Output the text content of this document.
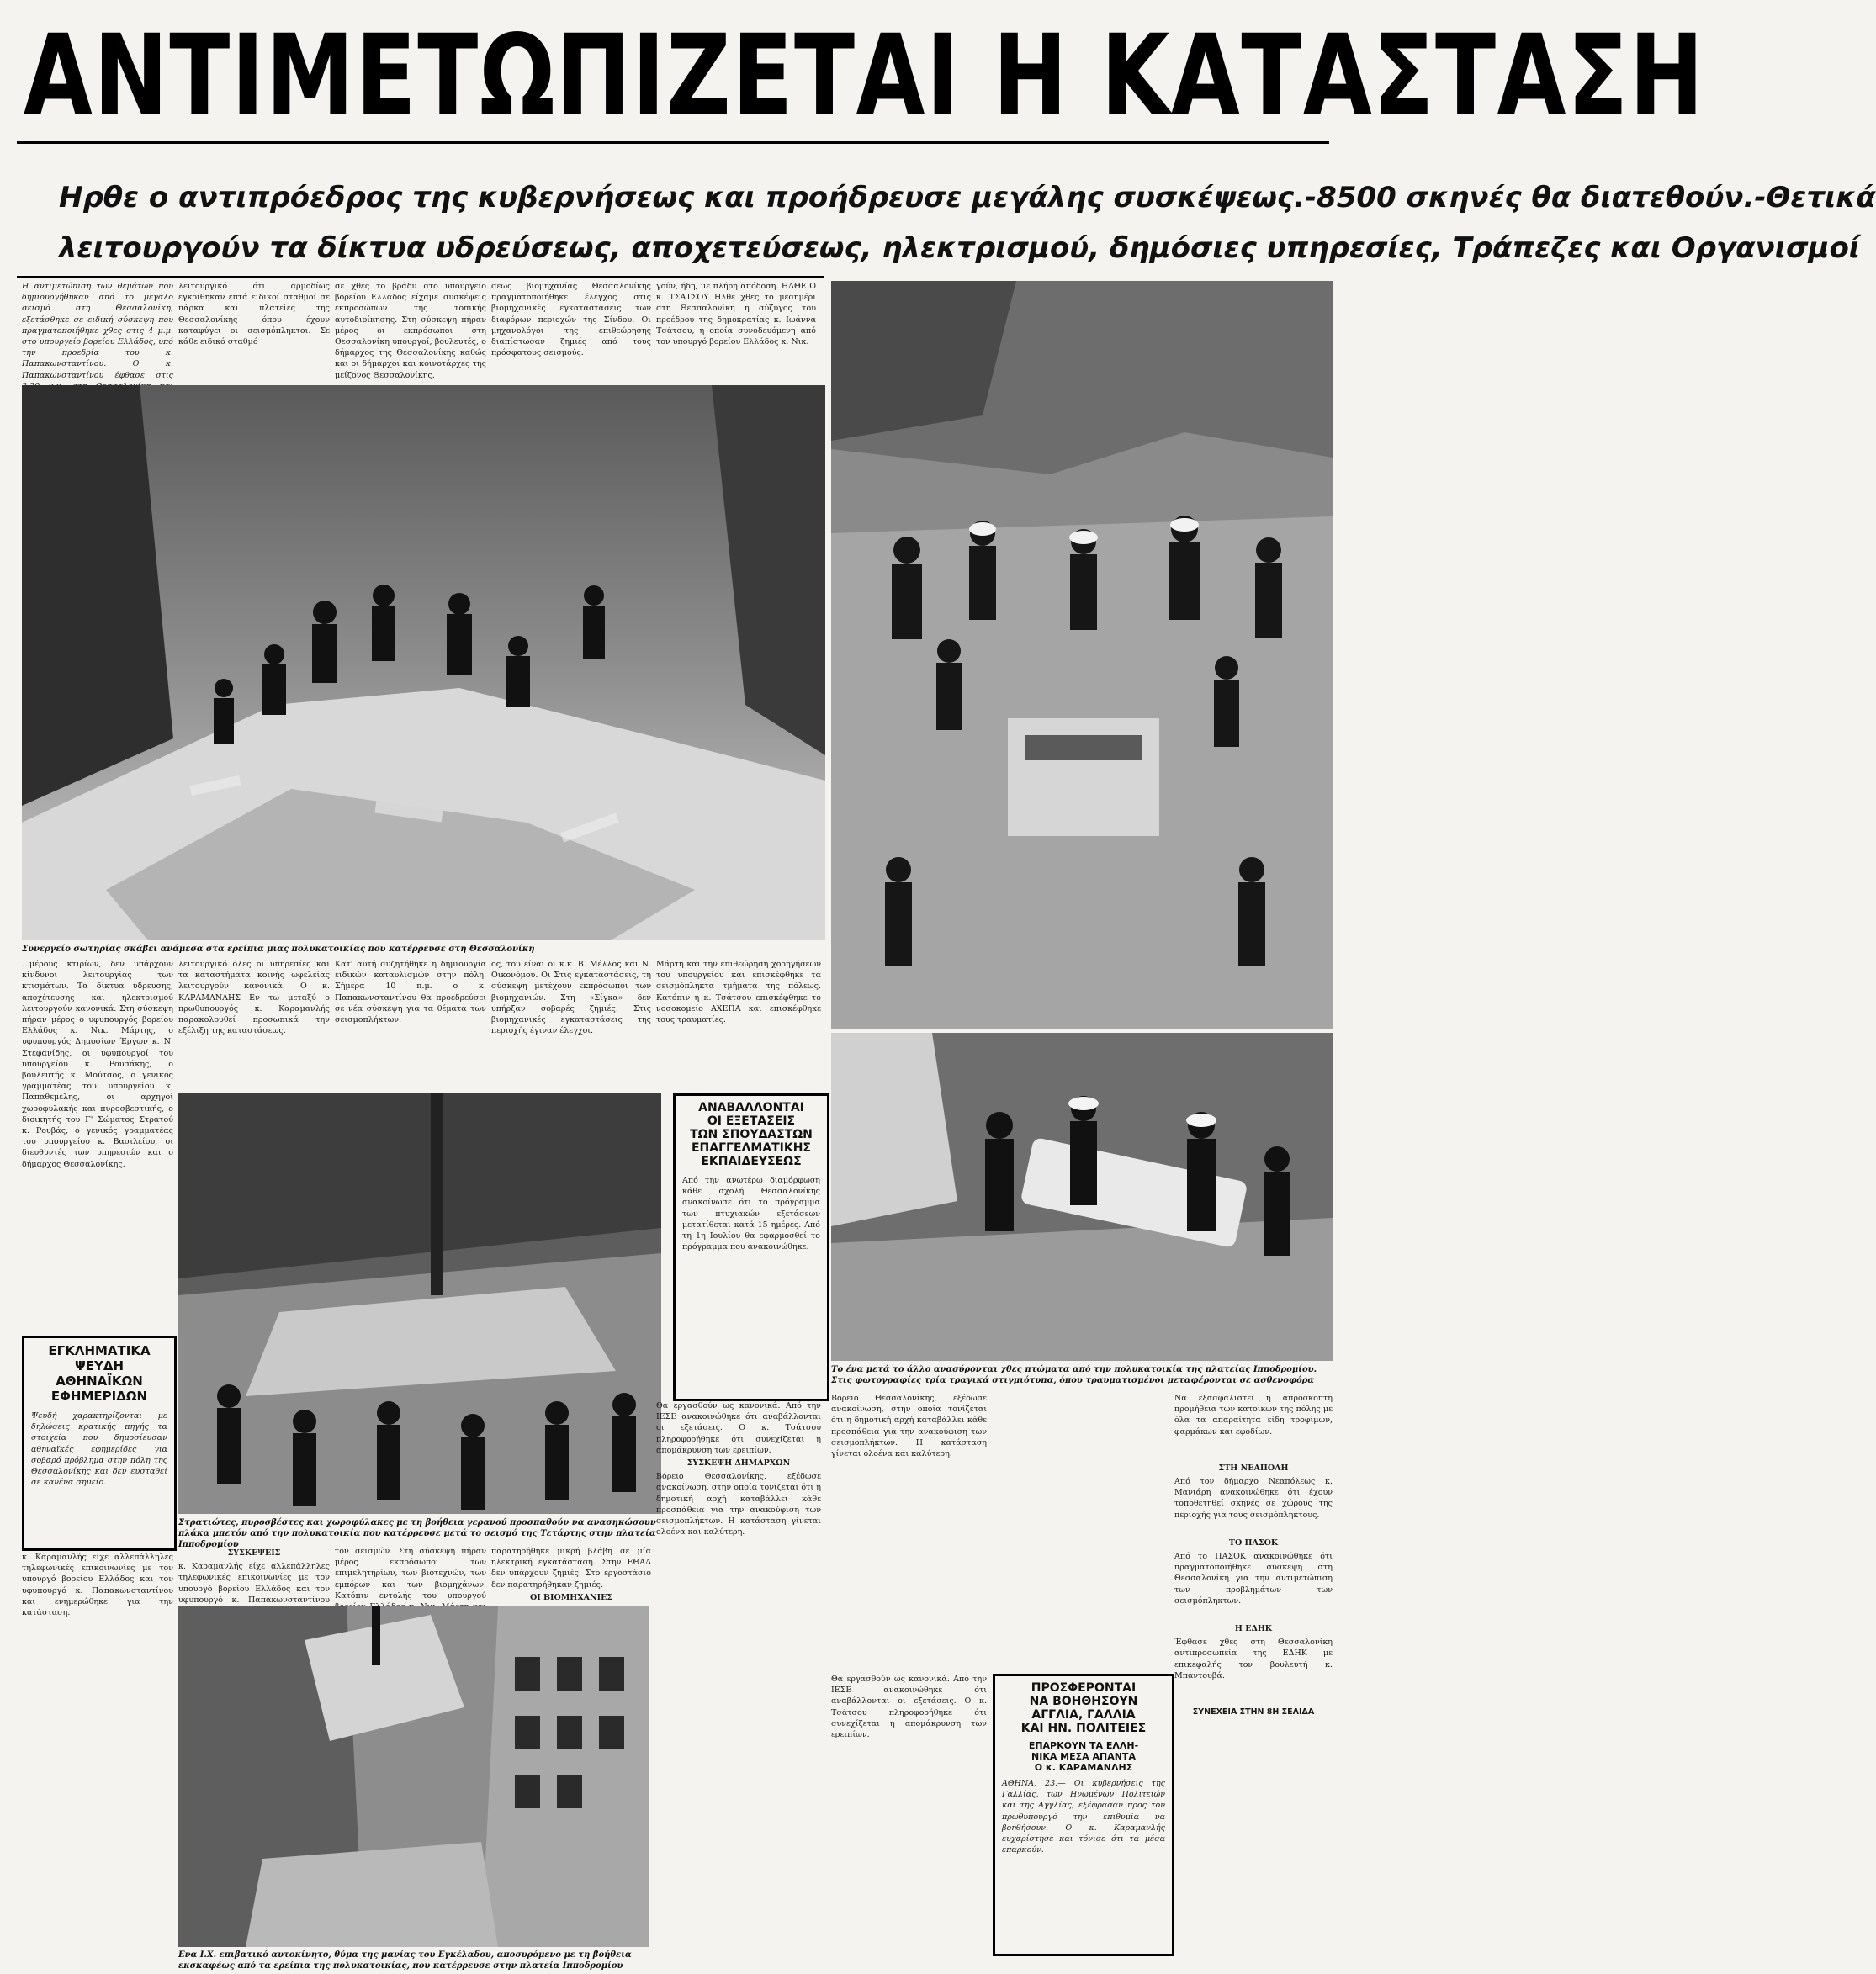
ΑΝΤΙΜΕΤΩΠΙΖΕΤΑΙ Η ΚΑΤΑΣΤΑΣΗ
Ηρθε ο αντιπρόεδρος της κυβερνήσεως και προήδρευσε μεγάλης συσκέψεως.-8500 σκηνές θα διατεθούν.-Θετικά
λειτουργούν τα δίκτυα υδρεύσεως, αποχετεύσεως, ηλεκτρισμού, δημόσιες υπηρεσίες, Τράπεζες και Οργανισμοί
Η αντιμετώπιση των θεμάτων που δημιουργήθηκαν από το μεγάλο σεισμό στη Θεσσαλονίκη, εξετάσθηκε σε ειδική σύσκεψη που πραγματοποιήθηκε χθες στις 4 μ.μ. στο υπουργείο βορείου Ελλάδος, υπό την προεδρία του κ. Παπακωνσταντίνου. Ο κ. Παπακωνσταντίνου έφθασε στις
λειτουργικό ότι αρμοδίως εγκρίθηκαν επτά ειδικοί σταθμοί σε πάρκα και πλατείες της Θεσσαλονίκης όπου έχουν καταφύγει οι σεισμόπληκτοι. Σε κάθε ειδικό σταθμό
σε χθες το βράδυ στο υπουργείο βορείου Ελλάδος είχαμε συσκέψεις εκπροσώπων της τοπικής αυτοδιοίκησης. Στη σύσκεψη πήραν μέρος οι εκπρόσωποι στη Θεσσαλονίκη υπουργοί, βουλευτές, ο δήμαρχος της Θεσσαλονίκης καθώς και οι δήμαρχοι και κοινοτάρχες της μείζονος Θεσσαλονίκης.
σεως βιομηχανίας Θεσσαλονίκης πραγματοποιήθηκε έλεγχος στις βιομηχανικές εγκαταστάσεις των διαφόρων περιοχών της Σίνδου. Οι μηχανολόγοι της επιθεώρησης διαπίστωσαν ζημιές από τους πρόσφατους σεισμούς.
γούν, ήδη, με πλήρη απόδοση. ΗΛΘΕ Ο κ. ΤΣΑΤΣΟΥ Ηλθε χθες το μεσημέρι στη Θεσσαλονίκη η σύζυγος του προέδρου της δημοκρατίας κ. Ιωάννα Τσάτσου, η οποία συνοδευόμενη από τον υπουργό βορείου Ελλάδος κ. Νικ.
Συνεργείο σωτηρίας σκάβει ανάμεσα στα ερείπια μιας πολυκατοικίας που κατέρρευσε στη Θεσσαλονίκη
Το ένα μετά το άλλο ανασύρονται χθες πτώματα από την πολυκατοικία της πλατείας Ιπποδρομίου. Στις φωτογραφίες τρία τραγικά στιγμιότυπα, όπου τραυματισμένοι μεταφέρονται σε ασθενοφόρα
...μέρους κτιρίων, δεν υπάρχουν κίνδυνοι λειτουργίας των κτισμάτων. Τα δίκτυα ύδρευσης, αποχέτευσης και ηλεκτρισμού λειτουργούν κανονικά. Στη σύσκεψη πήραν μέρος ο υφυπουργός βορείου Ελλάδος κ. Νικ. Μάρτης, ο υφυπουργός Δημοσίων Έργων κ. Ν. Στεφανίδης, οι υφυπουργοί του υπουργείου κ. Ρουσάκης, ο βουλευτής κ. Μούτσος, ο γενικός γραμματέας του υπουργείου κ. Παπαθεμέλης, οι αρχηγοί χωροφυλακής και πυροσβεστικής, ο διοικητής του Γ' Σώματος Στρατού κ. Ρουβάς, ο γενικός γραμματέας του υπουργείου κ. Βασιλείου, οι διευθυντές των υπηρεσιών και ο δήμαρχος Θεσσαλονίκης.
λειτουργικό όλες οι υπηρεσίες και τα καταστήματα κοινής ωφελείας λειτουργούν κανονικά. Ο κ. ΚΑΡΑΜΑΝΛΗΣ Εν τω μεταξύ ο πρωθυπουργός κ. Καραμανλής παρακολουθεί προσωπικά την εξέλιξη της καταστάσεως.
Κατ' αυτή συζητήθηκε η δημιουργία ειδικών καταυλισμών στην πόλη. Σήμερα 10 π.μ. ο κ. Παπακωνσταντίνου θα προεδρεύσει σε νέα σύσκεψη για τα θέματα των σεισμοπλήκτων.
ος, του είναι οι κ.κ. Β. Μέλλος και Ν. Οικονόμου. Οι Στις εγκαταστάσεις, τη σύσκεψη μετέχουν εκπρόσωποι των βιομηχανιών. Στη «Σίγκα» δεν υπήρξαν σοβαρές ζημιές. Στις βιομηχανικές εγκαταστάσεις της περιοχής έγιναν έλεγχοι.
Μάρτη και την επιθεώρηση χορηγήσεων του υπουργείου και επισκέφθηκε τα σεισμόπληκτα τμήματα της πόλεως. Κατόπιν η κ. Τσάτσου επισκέφθηκε το νοσοκομείο ΑΧΕΠΑ και επισκέφθηκε τους τραυματίες.
Στρατιώτες, πυροσβέστες και χωροφύλακες με τη βοήθεια γερανού προσπαθούν να ανασηκώσουν πλάκα μπετόν από την πολυκατοικία που κατέρρευσε μετά το σεισμό της Τετάρτης στην πλατεία Ιπποδρομίου
ΕΓΚΛΗΜΑΤΙΚΑ
ΨΕΥΔΗ
ΑΘΗΝΑΪΚΩΝ
ΕΦΗΜΕΡΙΔΩΝ
Ψευδή χαρακτηρίζονται με δηλώσεις κρατικής πηγής τα στοιχεία που δημοσίευσαν αθηναϊκές εφημερίδες για σοβαρό πρόβλημα στην πόλη της Θεσσαλονίκης και δεν ευσταθεί σε κανένα σημείο.
ΑΝΑΒΑΛΛΟΝΤΑΙ
ΟΙ ΕΞΕΤΑΣΕΙΣ
ΤΩΝ ΣΠΟΥΔΑΣΤΩΝ
ΕΠΑΓΓΕΛΜΑΤΙΚΗΣ
ΕΚΠΑΙΔΕΥΣΕΩΣ
Από την ανωτέρω διαμόρφωση κάθε σχολή Θεσσαλονίκης ανακοίνωσε ότι το πρόγραμμα των πτυχιακών εξετάσεων μετατίθεται κατά 15 ημέρες. Από τη 1η Ιουλίου θα εφαρμοσθεί το πρόγραμμα που ανακοινώθηκε.
κ. Καραμανλής είχε αλλεπάλληλες τηλεφωνικές επικοινωνίες με τον υπουργό βορείου Ελλάδος και τον υφυπουργό κ. Παπακωνσταντίνου και ενημερώθηκε για την κατάσταση.
ΣΥΣΚΕΨΕΙΣ
κ. Καραμανλής είχε αλλεπάλληλες τηλεφωνικές επικοινωνίες με τον υπουργό βορείου Ελλάδος και τον υφυπουργό κ. Παπακωνσταντίνου
τον σεισμών. Στη σύσκεψη πήραν μέρος εκπρόσωποι των επιμελητηρίων, των βιοτεχνών, των εμπόρων και των βιομηχάνων. Κατόπιν εντολής του υπουργού
παρατηρήθηκε μικρή βλάβη σε μία ηλεκτρική εγκατάσταση. Στην ΕΘΑΛ δεν υπάρχουν ζημιές. Στο εργοστάσιο δεν παρατηρήθηκαν ζημιές.
ΟΙ ΒΙΟΜΗΧΑΝΙΕΣ
Ενα Ι.Χ. επιβατικό αυτοκίνητο, θύμα της μανίας του Εγκέλαδου, αποσυρόμενο με τη βοήθεια εκσκαφέως από τα ερείπια της πολυκατοικίας, που κατέρρευσε στην πλατεία Ιπποδρομίου
Θα εργασθούν ως κανονικά. Από την ΙΕΣΕ ανακοινώθηκε ότι αναβάλλονται οι εξετάσεις. Ο κ. Τσάτσου πληροφορήθηκε ότι συνεχίζεται η απομάκρυνση των ερειπίων.
ΣΥΣΚΕΨΗ ΔΗΜΑΡΧΩΝ
Βόρειο Θεσσαλονίκης, εξέδωσε ανακοίνωση, στην οποία τονίζεται ότι η δημοτική αρχή καταβάλλει κάθε προσπάθεια για την ανακούφιση των σεισμοπλήκτων. Η κατάσταση γίνεται ολοένα και καλύτερη.
Βόρειο Θεσσαλονίκης, εξέδωσε ανακοίνωση, στην οποία τονίζεται ότι η δημοτική αρχή καταβάλλει κάθε προσπάθεια για την ανακούφιση των σεισμοπλήκτων. Η κατάσταση γίνεται ολοένα και καλύτερη.
ΠΡΟΣΦΕΡΟΝΤΑΙ
ΝΑ ΒΟΗΘΗΣΟΥΝ
ΑΓΓΛΙΑ, ΓΑΛΛΙΑ
ΚΑΙ ΗΝ. ΠΟΛΙΤΕΙΕΣ
ΕΠΑΡΚΟΥΝ ΤΑ ΕΛΛΗ-
ΝΙΚΑ ΜΕΣΑ ΑΠΑΝΤΑ
Ο κ. ΚΑΡΑΜΑΝΛΗΣ
ΑΘΗΝΑ, 23.— Οι κυβερνήσεις της Γαλλίας, των Ηνωμένων Πολιτειών και της Αγγλίας, εξέφρασαν προς τον πρωθυπουργό την επιθυμία να βοηθήσουν. Ο κ. Καραμανλής ευχαρίστησε και τόνισε ότι τα μέσα επαρκούν.
Θα εργασθούν ως κανονικά. Από την ΙΕΣΕ ανακοινώθηκε ότι αναβάλλονται οι εξετάσεις. Ο κ. Τσάτσου πληροφορήθηκε ότι συνεχίζεται η απομάκρυνση των ερειπίων.
Να εξασφαλιστεί η απρόσκοπτη προμήθεια των κατοίκων της πόλης με όλα τα απαραίτητα είδη τροφίμων, φαρμάκων και εφοδίων.
ΣΤΗ ΝΕΑΠΟΛΗ
Από τον δήμαρχο Νεαπόλεως κ. Μανιάρη ανακοινώθηκε ότι έχουν τοποθετηθεί σκηνές σε χώρους της περιοχής για τους σεισμόπληκτους.
ΤΟ ΠΑΣΟΚ
Από το ΠΑΣΟΚ ανακοινώθηκε ότι πραγματοποιήθηκε σύσκεψη στη Θεσσαλονίκη για την αντιμετώπιση των προβλημάτων των σεισμόπληκτων.
Η ΕΔΗΚ
Έφθασε χθες στη Θεσσαλονίκη αντιπροσωπεία της ΕΔΗΚ με επικεφαλής τον βουλευτή κ. Μπαντουβά.
ΣΥΝΕΧΕΙΑ ΣΤΗΝ 8Η ΣΕΛΙΔΑ
